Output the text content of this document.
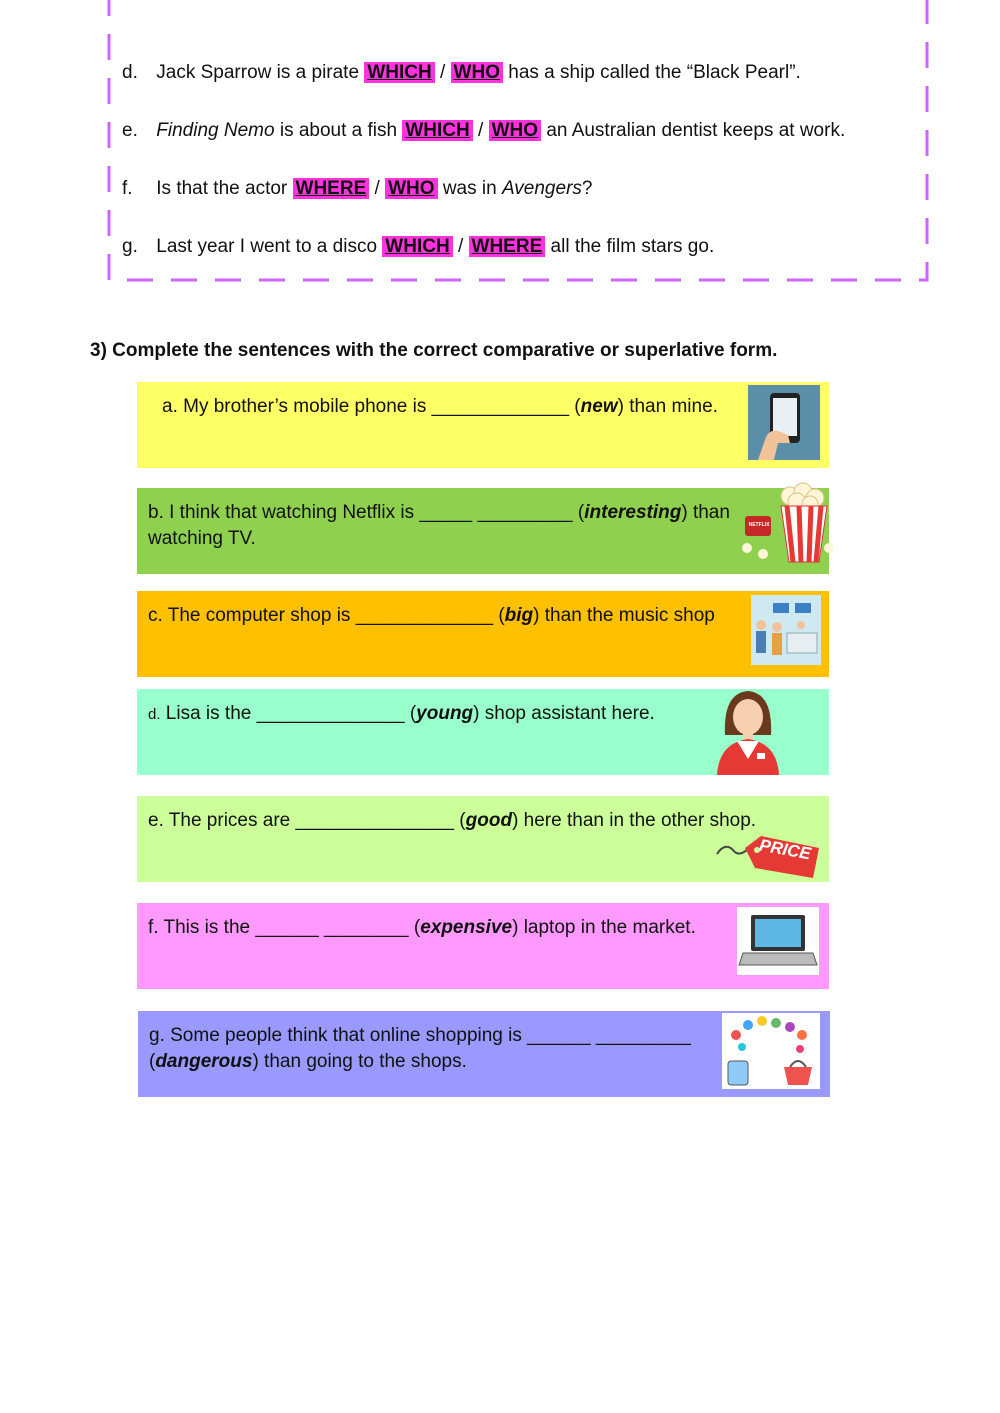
d. Jack Sparrow is a pirate WHICH / WHO has a ship called the “Black Pearl”.
e. Finding Nemo is about a fish WHICH / WHO an Australian dentist keeps at work.
f. Is that the actor WHERE / WHO was in Avengers?
g. Last year I went to a disco WHICH / WHERE all the film stars go.
3) Complete the sentences with the correct comparative or superlative form.
a. My brother’s mobile phone is _____________ (new) than mine.
b. I think that watching Netflix is _____ _________ (interesting) than
watching TV.
NETFLIX
c. The computer shop is _____________ (big) than the music shop
d. Lisa is the ______________ (young) shop assistant here.
e. The prices are _______________ (good) here than in the other shop.
PRICE
f. This is the ______ ________ (expensive) laptop in the market.
g. Some people think that online shopping is ______ _________
(dangerous) than going to the shops.
